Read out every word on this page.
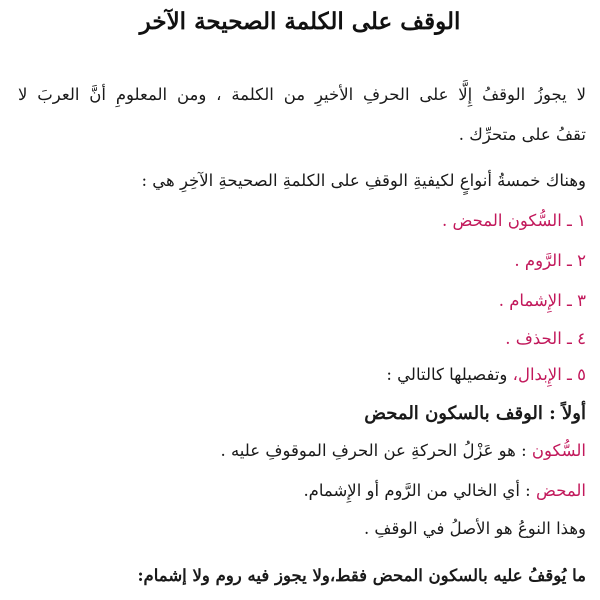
الوقف على الكلمة الصحيحة الآخر
لا يجوزُ الوقفُ إِلَّا على الحرفِ الأخيرِ من الكلمة ، ومن المعلومِ أنَّ العربَ لا
تقفُ على متحرِّك .
وهناك خمسةُ أنواعٍ لكيفيةِ الوقفِ على الكلمةِ الصحيحةِ الآخِرِ هي :
١ ـ السُّكون المحض .
٢ ـ الرَّوم .
٣ ـ الإِشمام .
٤ ـ الحذف .
٥ ـ الإِبدال، وتفصيلها كالتالي :
أولاً : الوقف بالسكون المحض
السُّكون : هو عَزْلُ الحركةِ عن الحرفِ الموقوفِ عليه .
المحض : أي الخالي من الرَّوم أو الإِشمام.
وهذا النوعُ هو الأصلُ في الوقفِ .
ما يُوقفُ عليه بالسكون المحض فقط،ولا يجوز فيه روم ولا إشمام:
